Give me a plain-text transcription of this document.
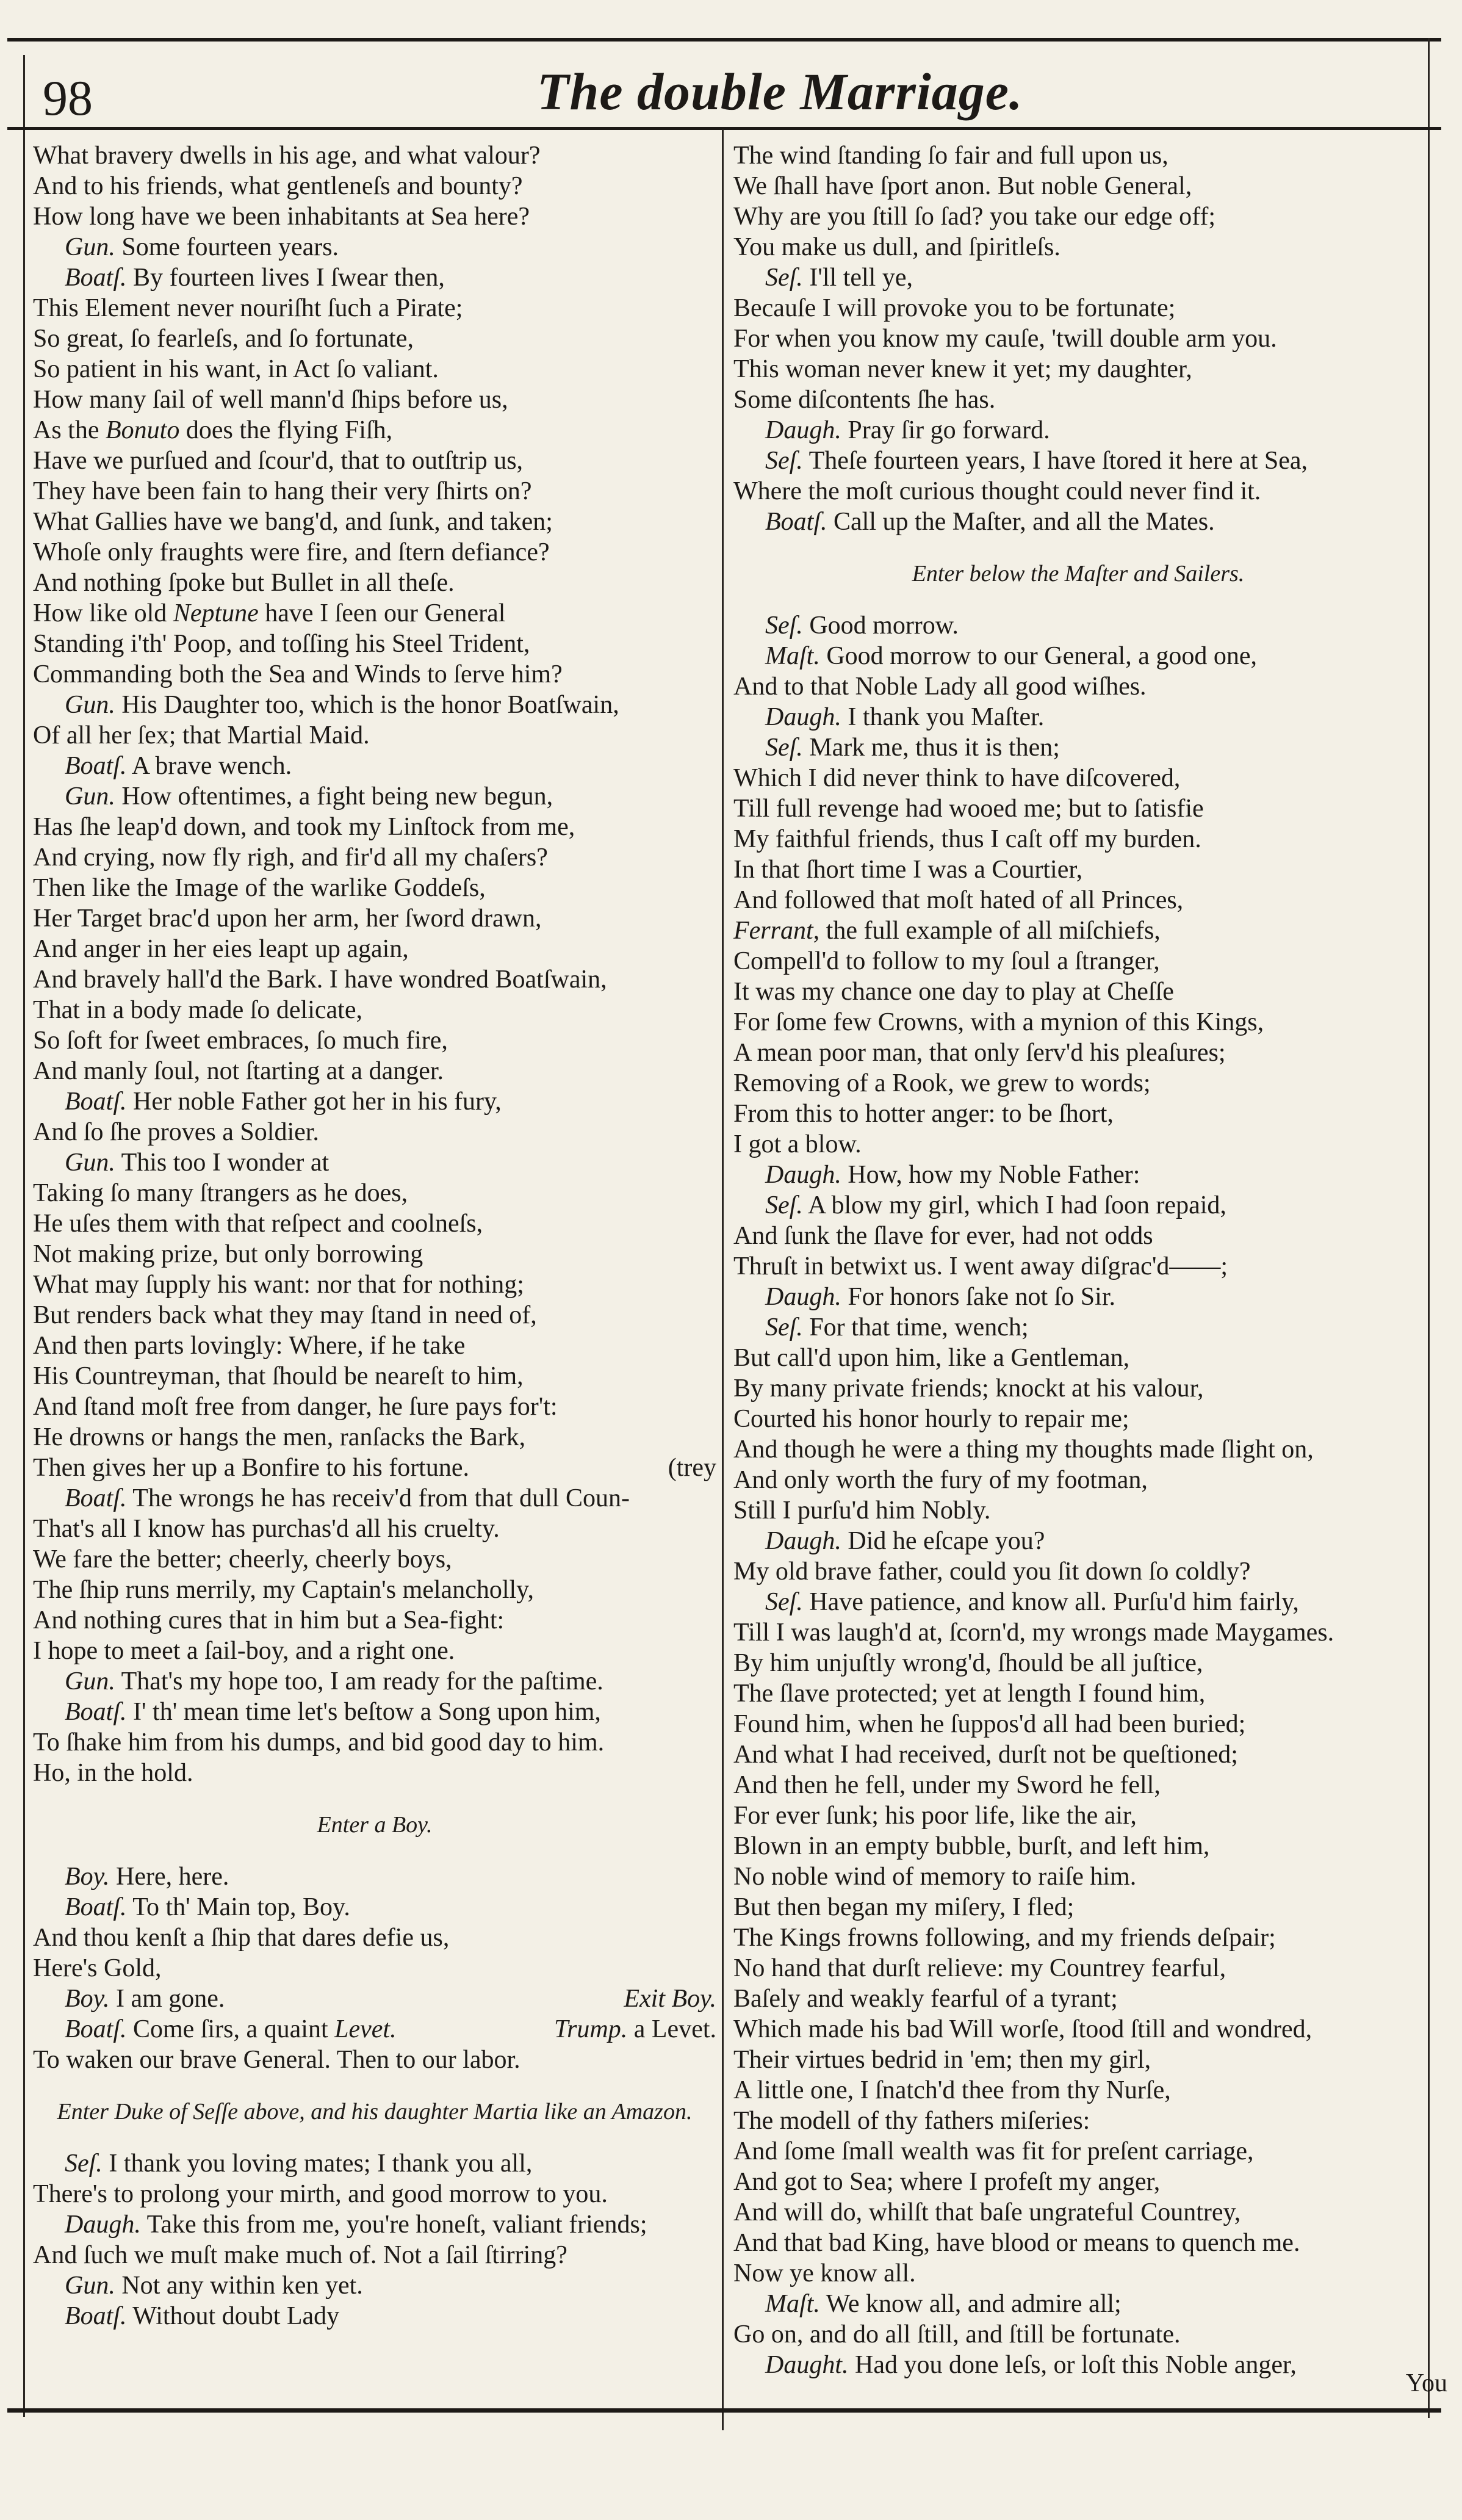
98	The double Marriage.
What bravery dwells in his age, and what valour?
And to his friends, what gentleneſs and bounty?
How long have we been inhabitants at Sea here?
Gun. Some fourteen years.
Boatſ. By fourteen lives I ſwear then,
This Element never nouriſht ſuch a Pirate;
So great, ſo fearleſs, and ſo fortunate,
So patient in his want, in Act ſo valiant.
How many ſail of well mann'd ſhips before us,
As the Bonuto does the flying Fiſh,
Have we purſued and ſcour'd, that to outſtrip us,
They have been fain to hang their very ſhirts on?
What Gallies have we bang'd, and ſunk, and taken;
Whoſe only fraughts were fire, and ſtern defiance?
And nothing ſpoke but Bullet in all theſe.
How like old Neptune have I ſeen our General
Standing i'th' Poop, and toſſing his Steel Trident,
Commanding both the Sea and Winds to ſerve him?
Gun. His Daughter too, which is the honor Boatſwain,
Of all her ſex; that Martial Maid.
Boatſ. A brave wench.
Gun. How oftentimes, a fight being new begun,
Has ſhe leap'd down, and took my Linſtock from me,
And crying, now fly righ, and fir'd all my chaſers?
Then like the Image of the warlike Goddeſs,
Her Target brac'd upon her arm, her ſword drawn,
And anger in her eies leapt up again,
And bravely hall'd the Bark. I have wondred Boatſwain,
That in a body made ſo delicate,
So ſoft for ſweet embraces, ſo much fire,
And manly ſoul, not ſtarting at a danger.
Boatſ. Her noble Father got her in his fury,
And ſo ſhe proves a Soldier.
Gun. This too I wonder at
Taking ſo many ſtrangers as he does,
He uſes them with that reſpect and coolneſs,
Not making prize, but only borrowing
What may ſupply his want: nor that for nothing;
But renders back what they may ſtand in need of,
And then parts lovingly: Where, if he take
His Countreyman, that ſhould be neareſt to him,
And ſtand moſt free from danger, he ſure pays for't:
He drowns or hangs the men, ranſacks the Bark,
Then gives her up a Bonfire to his fortune.	(trey
Boatſ. The wrongs he has receiv'd from that dull Coun-
That's all I know has purchas'd all his cruelty.
We fare the better; cheerly, cheerly boys,
The ſhip runs merrily, my Captain's melancholly,
And nothing cures that in him but a Sea-fight:
I hope to meet a ſail-boy, and a right one.
Gun. That's my hope too, I am ready for the paſtime.
Boatſ. I' th' mean time let's beſtow a Song upon him,
To ſhake him from his dumps, and bid good day to him.
Ho, in the hold.
Enter a Boy.
Boy. Here, here.
Boatſ. To th' Main top, Boy.
And thou kenſt a ſhip that dares defie us,
Here's Gold,
Boy. I am gone.	Exit Boy.
Boatſ. Come ſirs, a quaint Levet.	Trump. a Levet.
To waken our brave General. Then to our labor.
Enter Duke of Seſſe above, and his daughter Martia like an Amazon.
Seſ. I thank you loving mates; I thank you all,
There's to prolong your mirth, and good morrow to you.
Daugh. Take this from me, you're honeſt, valiant friends;
And ſuch we muſt make much of. Not a ſail ſtirring?
Gun. Not any within ken yet.
Boatſ. Without doubt Lady
The wind ſtanding ſo fair and full upon us,
We ſhall have ſport anon. But noble General,
Why are you ſtill ſo ſad? you take our edge off;
You make us dull, and ſpiritleſs.
Seſ. I'll tell ye,
Becauſe I will provoke you to be fortunate;
For when you know my cauſe, 'twill double arm you.
This woman never knew it yet; my daughter,
Some diſcontents ſhe has.
Daugh. Pray ſir go forward.
Seſ. Theſe fourteen years, I have ſtored it here at Sea,
Where the moſt curious thought could never find it.
Boatſ. Call up the Maſter, and all the Mates.
Enter below the Maſter and Sailers.
Seſ. Good morrow.
Maſt. Good morrow to our General, a good one,
And to that Noble Lady all good wiſhes.
Daugh. I thank you Maſter.
Seſ. Mark me, thus it is then;
Which I did never think to have diſcovered,
Till full revenge had wooed me; but to ſatisfie
My faithful friends, thus I caſt off my burden.
In that ſhort time I was a Courtier,
And followed that moſt hated of all Princes,
Ferrant, the full example of all miſchiefs,
Compell'd to follow to my ſoul a ſtranger,
It was my chance one day to play at Cheſſe
For ſome few Crowns, with a mynion of this Kings,
A mean poor man, that only ſerv'd his pleaſures;
Removing of a Rook, we grew to words;
From this to hotter anger: to be ſhort,
I got a blow.
Daugh. How, how my Noble Father:
Seſ. A blow my girl, which I had ſoon repaid,
And ſunk the ſlave for ever, had not odds
Thruſt in betwixt us. I went away diſgrac'd——;
Daugh. For honors ſake not ſo Sir.
Seſ. For that time, wench;
But call'd upon him, like a Gentleman,
By many private friends; knockt at his valour,
Courted his honor hourly to repair me;
And though he were a thing my thoughts made ſlight on,
And only worth the fury of my footman,
Still I purſu'd him Nobly.
Daugh. Did he eſcape you?
My old brave father, could you ſit down ſo coldly?
Seſ. Have patience, and know all. Purſu'd him fairly,
Till I was laugh'd at, ſcorn'd, my wrongs made Maygames.
By him unjuſtly wrong'd, ſhould be all juſtice,
The ſlave protected; yet at length I found him,
Found him, when he ſuppos'd all had been buried;
And what I had received, durſt not be queſtioned;
And then he fell, under my Sword he fell,
For ever ſunk; his poor life, like the air,
Blown in an empty bubble, burſt, and left him,
No noble wind of memory to raiſe him.
But then began my miſery, I fled;
The Kings frowns following, and my friends deſpair;
No hand that durſt relieve: my Countrey fearful,
Baſely and weakly fearful of a tyrant;
Which made his bad Will worſe, ſtood ſtill and wondred,
Their virtues bedrid in 'em; then my girl,
A little one, I ſnatch'd thee from thy Nurſe,
The modell of thy fathers miſeries:
And ſome ſmall wealth was fit for preſent carriage,
And got to Sea; where I profeſt my anger,
And will do, whilſt that baſe ungrateful Countrey,
And that bad King, have blood or means to quench me.
Now ye know all.
Maſt. We know all, and admire all;
Go on, and do all ſtill, and ſtill be fortunate.
Daught. Had you done leſs, or loſt this Noble anger,
You
